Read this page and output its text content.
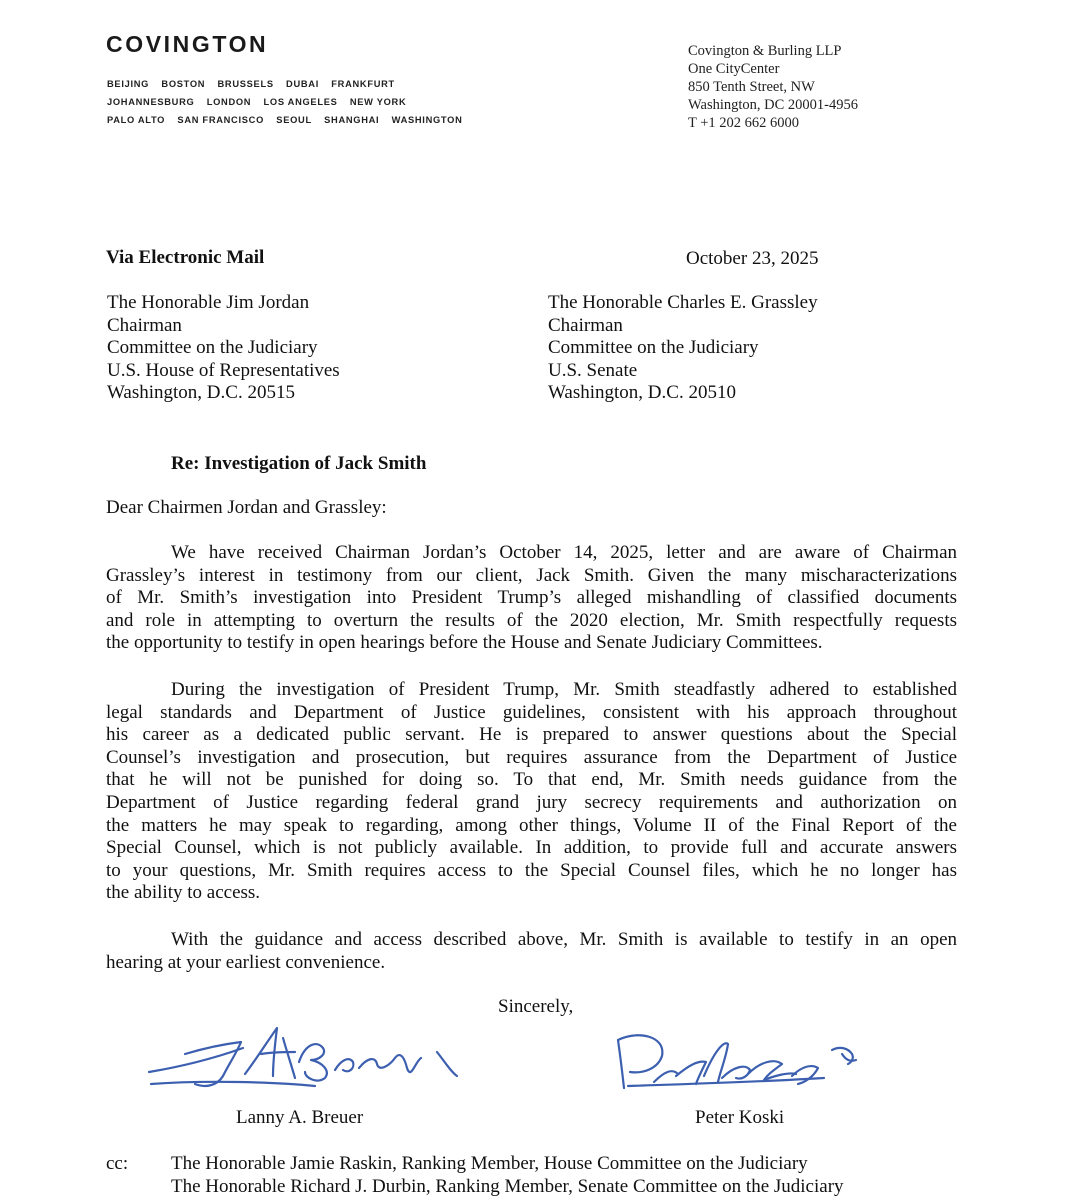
COVINGTON
BEIJING BOSTON BRUSSELS DUBAI FRANKFURT
JOHANNESBURG LONDON LOS ANGELES NEW YORK
PALO ALTO SAN FRANCISCO SEOUL SHANGHAI WASHINGTON
Covington & Burling LLP
One CityCenter
850 Tenth Street, NW
Washington, DC 20001-4956
T +1 202 662 6000
Via Electronic Mail	October 23, 2025
The Honorable Jim Jordan
Chairman
Committee on the Judiciary
U.S. House of Representatives
Washington, D.C. 20515
The Honorable Charles E. Grassley
Chairman
Committee on the Judiciary
U.S. Senate
Washington, D.C. 20510
Re: Investigation of Jack Smith
Dear Chairmen Jordan and Grassley:
We have received Chairman Jordan’s October 14, 2025, letter and are aware of Chairman
Grassley’s interest in testimony from our client, Jack Smith. Given the many mischaracterizations
of Mr. Smith’s investigation into President Trump’s alleged mishandling of classified documents
and role in attempting to overturn the results of the 2020 election, Mr. Smith respectfully requests
the opportunity to testify in open hearings before the House and Senate Judiciary Committees.
During the investigation of President Trump, Mr. Smith steadfastly adhered to established
legal standards and Department of Justice guidelines, consistent with his approach throughout
his career as a dedicated public servant. He is prepared to answer questions about the Special
Counsel’s investigation and prosecution, but requires assurance from the Department of Justice
that he will not be punished for doing so. To that end, Mr. Smith needs guidance from the
Department of Justice regarding federal grand jury secrecy requirements and authorization on
the matters he may speak to regarding, among other things, Volume II of the Final Report of the
Special Counsel, which is not publicly available. In addition, to provide full and accurate answers
to your questions, Mr. Smith requires access to the Special Counsel files, which he no longer has
the ability to access.
With the guidance and access described above, Mr. Smith is available to testify in an open
hearing at your earliest convenience.
Sincerely,
Lanny A. Breuer	Peter Koski
cc: The Honorable Jamie Raskin, Ranking Member, House Committee on the Judiciary
The Honorable Richard J. Durbin, Ranking Member, Senate Committee on the Judiciary
